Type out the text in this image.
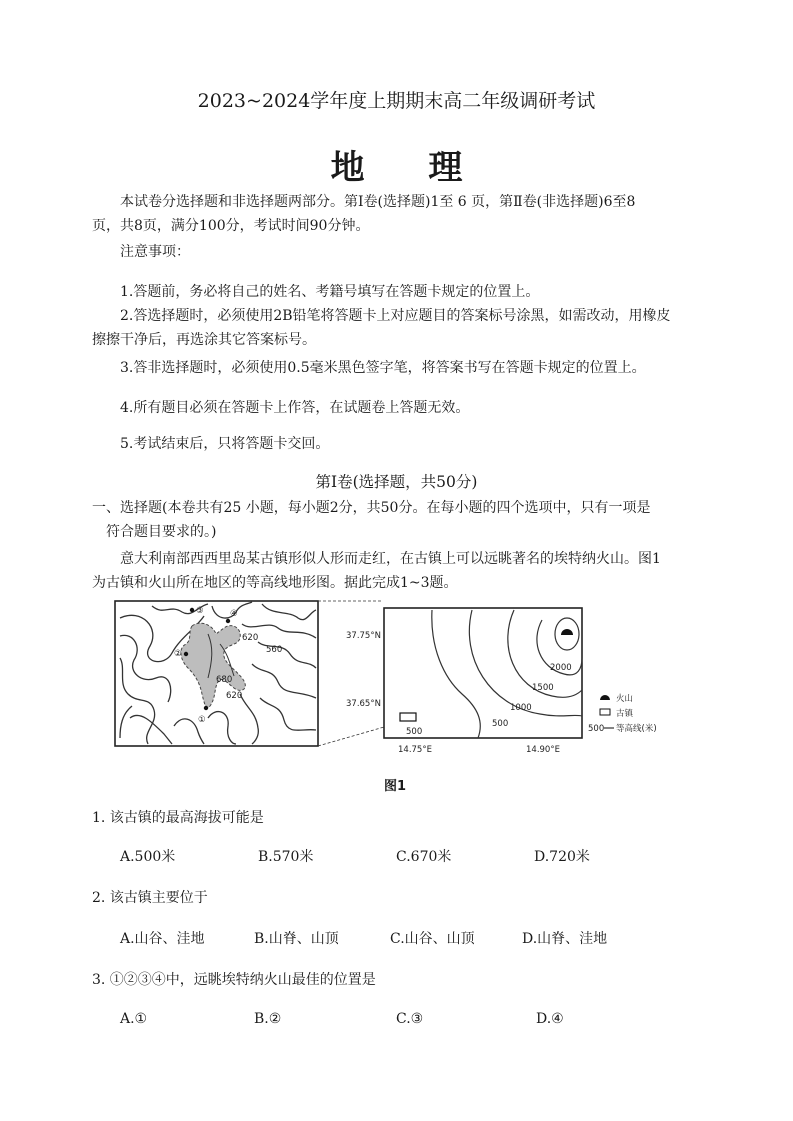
2023~2024学年度上期期末高二年级调研考试
地 理
本试卷分选择题和非选择题两部分。第Ⅰ卷(选择题)1至 6 页，第Ⅱ卷(非选择题)6至8
页，共8页，满分100分，考试时间90分钟。
注意事项：
1.答题前，务必将自己的姓名、考籍号填写在答题卡规定的位置上。
2.答选择题时，必须使用2B铅笔将答题卡上对应题目的答案标号涂黑，如需改动，用橡皮
擦擦干净后，再选涂其它答案标号。
3.答非选择题时，必须使用0.5毫米黑色签字笔，将答案书写在答题卡规定的位置上。
4.所有题目必须在答题卡上作答，在试题卷上答题无效。
5.考试结束后，只将答题卡交回。
第Ⅰ卷(选择题，共50分)
一、选择题(本卷共有25 小题，每小题2分，共50分。在每小题的四个选项中，只有一项是
符合题目要求的。)
意大利南部西西里岛某古镇形似人形而走红，在古镇上可以远眺著名的埃特纳火山。图1
为古镇和火山所在地区的等高线地形图。据此完成1~3题。
③	④
②
①
620
560
680
620
2000
1500
1000
500
500
37.75°N
37.65°N
14.75°E	14.90°E
火山
古镇
500 等高线(米)
图1
1. 该古镇的最高海拔可能是
A.500米	B.570米	C.670米	D.720米
2. 该古镇主要位于
A.山谷、洼地	B.山脊、山顶	C.山谷、山顶	D.山脊、洼地
3. ①②③④中，远眺埃特纳火山最佳的位置是
A.①	B.②	C.③	D.④
